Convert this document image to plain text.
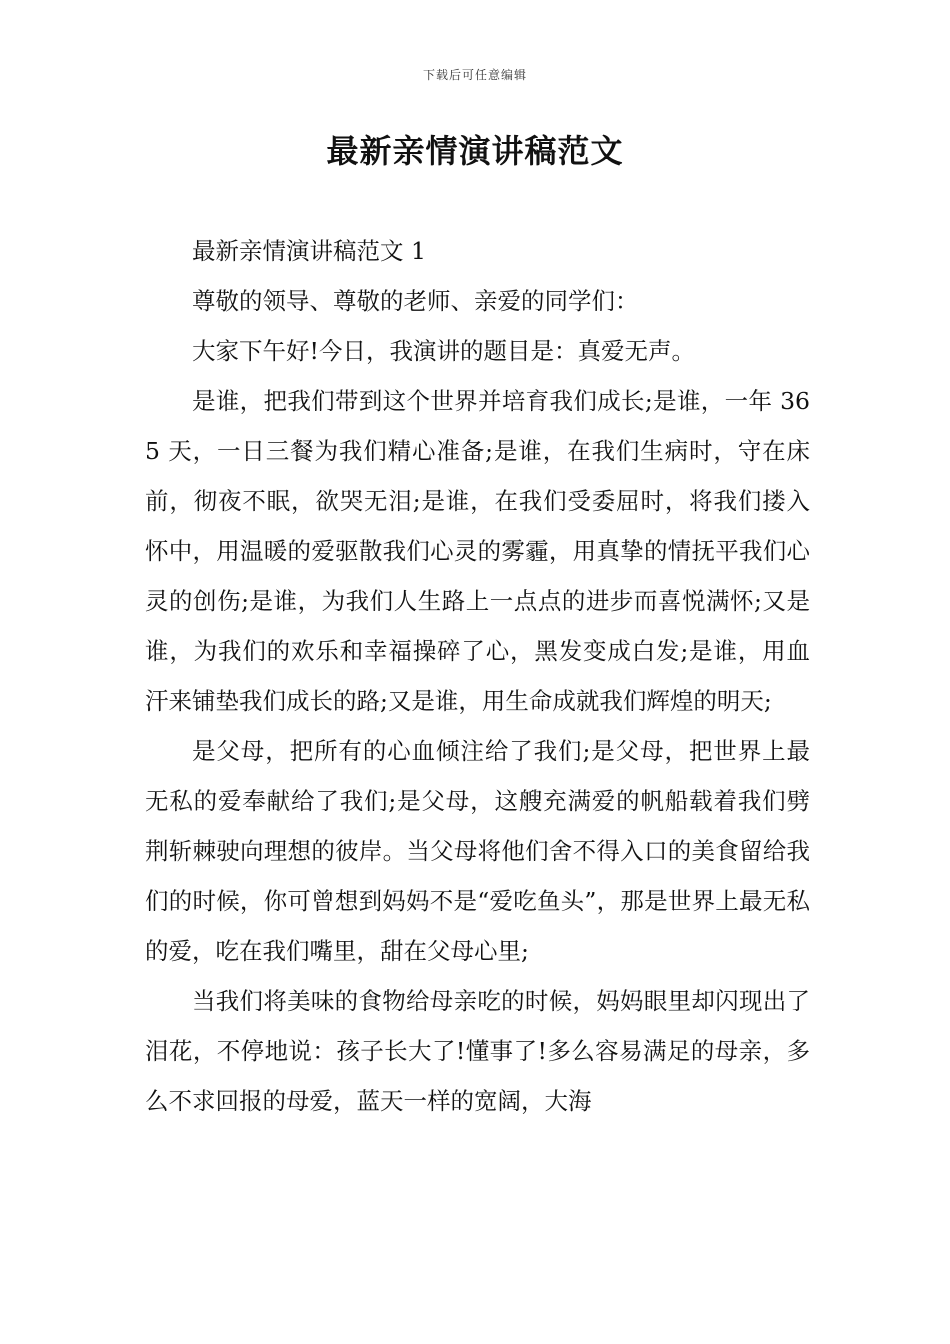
下载后可任意编辑
最新亲情演讲稿范文

最新亲情演讲稿范文 1

尊敬的领导、尊敬的老师、亲爱的同学们：

大家下午好!今日，我演讲的题目是：真爱无声。

是谁，把我们带到这个世界并培育我们成长;是谁，一年 365 天，一日三餐为我们精心准备;是谁，在我们生病时，守在床前，彻夜不眠，欲哭无泪;是谁，在我们受委屈时，将我们搂入怀中，用温暖的爱驱散我们心灵的雾霾，用真挚的情抚平我们心灵的创伤;是谁，为我们人生路上一点点的进步而喜悦满怀;又是谁，为我们的欢乐和幸福操碎了心，黑发变成白发;是谁，用血汗来铺垫我们成长的路;又是谁，用生命成就我们辉煌的明天;

是父母，把所有的心血倾注给了我们;是父母，把世界上最无私的爱奉献给了我们;是父母，这艘充满爱的帆船载着我们劈荆斩棘驶向理想的彼岸。当父母将他们舍不得入口的美食留给我们的时候，你可曾想到妈妈不是“爱吃鱼头”，那是世界上最无私的爱，吃在我们嘴里，甜在父母心里;

当我们将美味的食物给母亲吃的时候，妈妈眼里却闪现出了泪花，不停地说：孩子长大了!懂事了!多么容易满足的母亲，多么不求回报的母爱，蓝天一样的宽阔，大海
